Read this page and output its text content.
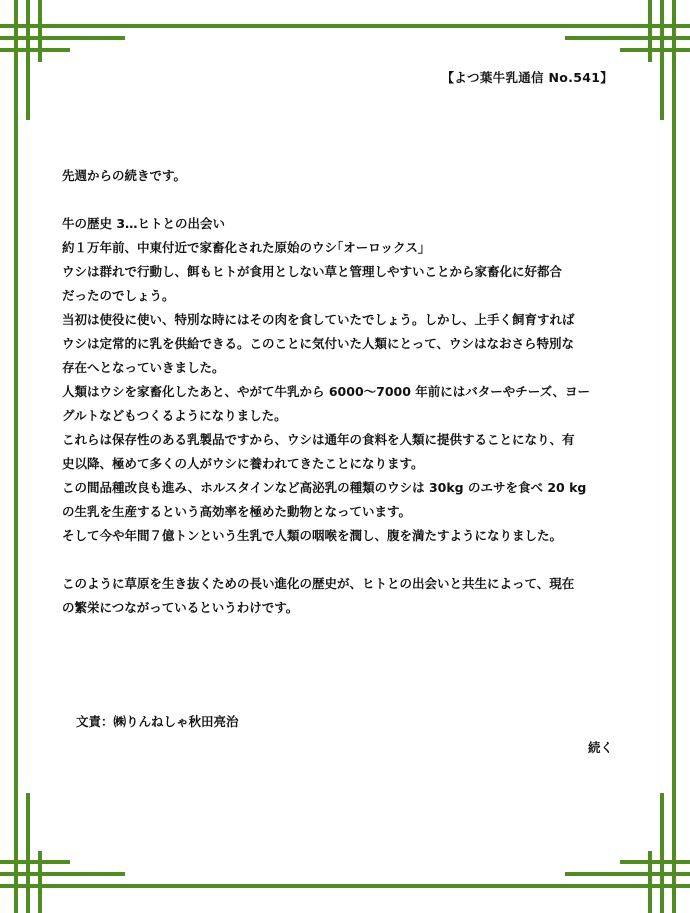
【よつ葉牛乳通信 No.541】

先週からの続きです。

牛の歴史 3…ヒトとの出会い

約１万年前、中東付近で家畜化された原始のウシ｢オーロックス｣

ウシは群れで行動し、餌もヒトが食用としない草と管理しやすいことから家畜化に好都合

だったのでしょう。

当初は使役に使い、特別な時にはその肉を食していたでしょう。しかし、上手く飼育すれば

ウシは定常的に乳を供給できる。このことに気付いた人類にとって、ウシはなおさら特別な

存在へとなっていきました。

人類はウシを家畜化したあと、やがて牛乳から 6000～7000 年前にはバターやチーズ、ヨー

グルトなどもつくるようになりました。

これらは保存性のある乳製品ですから、ウシは通年の食料を人類に提供することになり、有

史以降、極めて多くの人がウシに養われてきたことになります。

この間品種改良も進み、ホルスタインなど高泌乳の種類のウシは 30kg のエサを食べ 20 kg

の生乳を生産するという高効率を極めた動物となっています。

そして今や年間７億トンという生乳で人類の咽喉を潤し、腹を満たすようになりました。

このように草原を生き抜くための長い進化の歴史が、ヒトとの出会いと共生によって、現在

の繁栄につながっているというわけです。

文責：㈱りんねしゃ秋田亮治
続く
